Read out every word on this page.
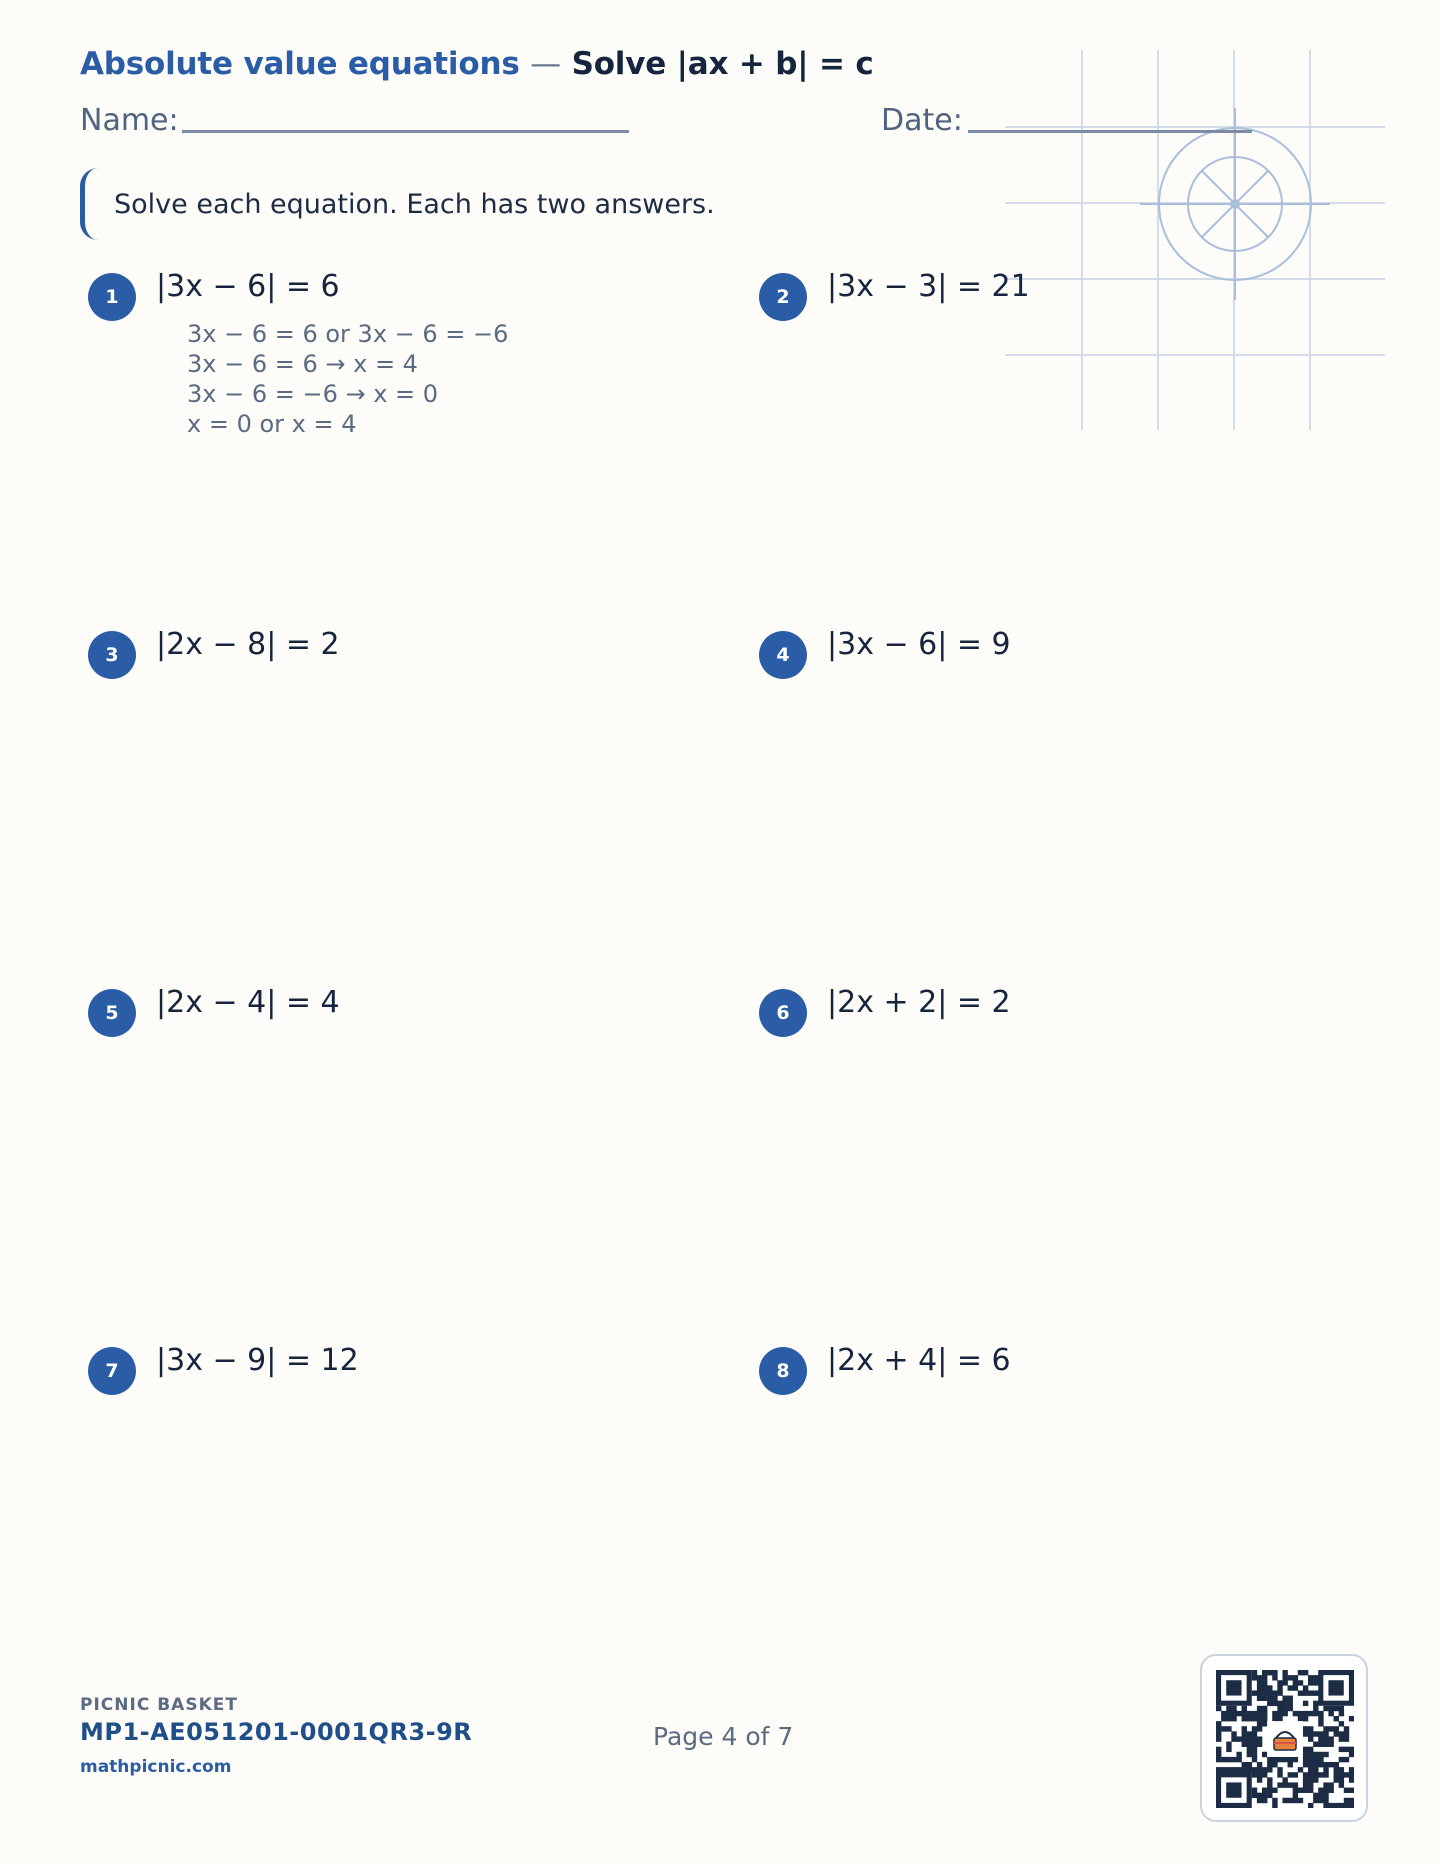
Absolute value equations — Solve |ax + b| = c
Name:	Date:
Solve each equation. Each has two answers.
1	|3x − 6| = 6
3x − 6 = 6 or 3x − 6 = −6
3x − 6 = 6 → x = 4
3x − 6 = −6 → x = 0
x = 0 or x = 4
2	|3x − 3| = 21
3	|2x − 8| = 2	4	|3x − 6| = 9
5	|2x − 4| = 4	6	|2x + 2| = 2
7	|3x − 9| = 12	8	|2x + 4| = 6
PICNIC BASKET
MP1-AE051201-0001QR3-9R
mathpicnic.com
Page 4 of 7
